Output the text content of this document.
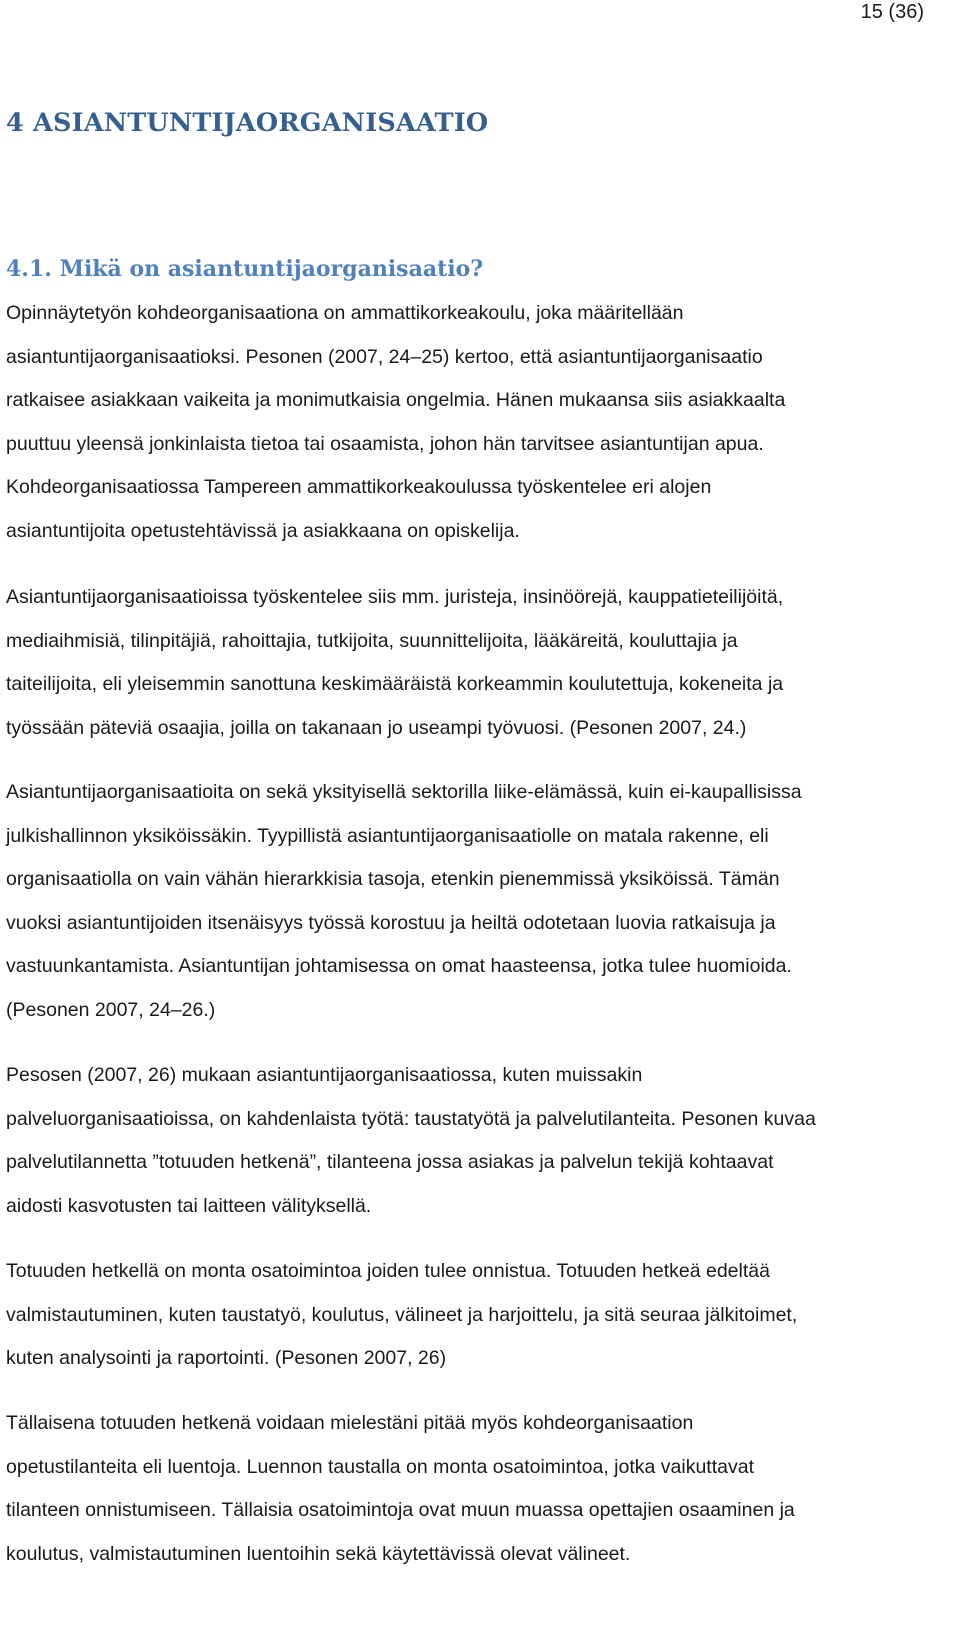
15 (36)
4 ASIANTUNTIJAORGANISAATIO
4.1. Mikä on asiantuntijaorganisaatio?
Opinnäytetyön kohdeorganisaationa on ammattikorkeakoulu, joka määritellään
asiantuntijaorganisaatioksi. Pesonen (2007, 24–25) kertoo, että asiantuntijaorganisaatio
ratkaisee asiakkaan vaikeita ja monimutkaisia ongelmia. Hänen mukaansa siis asiakkaalta
puuttuu yleensä jonkinlaista tietoa tai osaamista, johon hän tarvitsee asiantuntijan apua.
Kohdeorganisaatiossa Tampereen ammattikorkeakoulussa työskentelee eri alojen
asiantuntijoita opetustehtävissä ja asiakkaana on opiskelija.
Asiantuntijaorganisaatioissa työskentelee siis mm. juristeja, insinöörejä, kauppatieteilijöitä,
mediaihmisiä, tilinpitäjiä, rahoittajia, tutkijoita, suunnittelijoita, lääkäreitä, kouluttajia ja
taiteilijoita, eli yleisemmin sanottuna keskimääräistä korkeammin koulutettuja, kokeneita ja
työssään päteviä osaajia, joilla on takanaan jo useampi työvuosi. (Pesonen 2007, 24.)
Asiantuntijaorganisaatioita on sekä yksityisellä sektorilla liike-elämässä, kuin ei-kaupallisissa
julkishallinnon yksiköissäkin. Tyypillistä asiantuntijaorganisaatiolle on matala rakenne, eli
organisaatiolla on vain vähän hierarkkisia tasoja, etenkin pienemmissä yksiköissä. Tämän
vuoksi asiantuntijoiden itsenäisyys työssä korostuu ja heiltä odotetaan luovia ratkaisuja ja
vastuunkantamista. Asiantuntijan johtamisessa on omat haasteensa, jotka tulee huomioida.
(Pesonen 2007, 24–26.)
Pesosen (2007, 26) mukaan asiantuntijaorganisaatiossa, kuten muissakin
palveluorganisaatioissa, on kahdenlaista työtä: taustatyötä ja palvelutilanteita. Pesonen kuvaa
palvelutilannetta ”totuuden hetkenä”, tilanteena jossa asiakas ja palvelun tekijä kohtaavat
aidosti kasvotusten tai laitteen välityksellä.
Totuuden hetkellä on monta osatoimintoa joiden tulee onnistua. Totuuden hetkeä edeltää
valmistautuminen, kuten taustatyö, koulutus, välineet ja harjoittelu, ja sitä seuraa jälkitoimet,
kuten analysointi ja raportointi. (Pesonen 2007, 26)
Tällaisena totuuden hetkenä voidaan mielestäni pitää myös kohdeorganisaation
opetustilanteita eli luentoja. Luennon taustalla on monta osatoimintoa, jotka vaikuttavat
tilanteen onnistumiseen. Tällaisia osatoimintoja ovat muun muassa opettajien osaaminen ja
koulutus, valmistautuminen luentoihin sekä käytettävissä olevat välineet.
